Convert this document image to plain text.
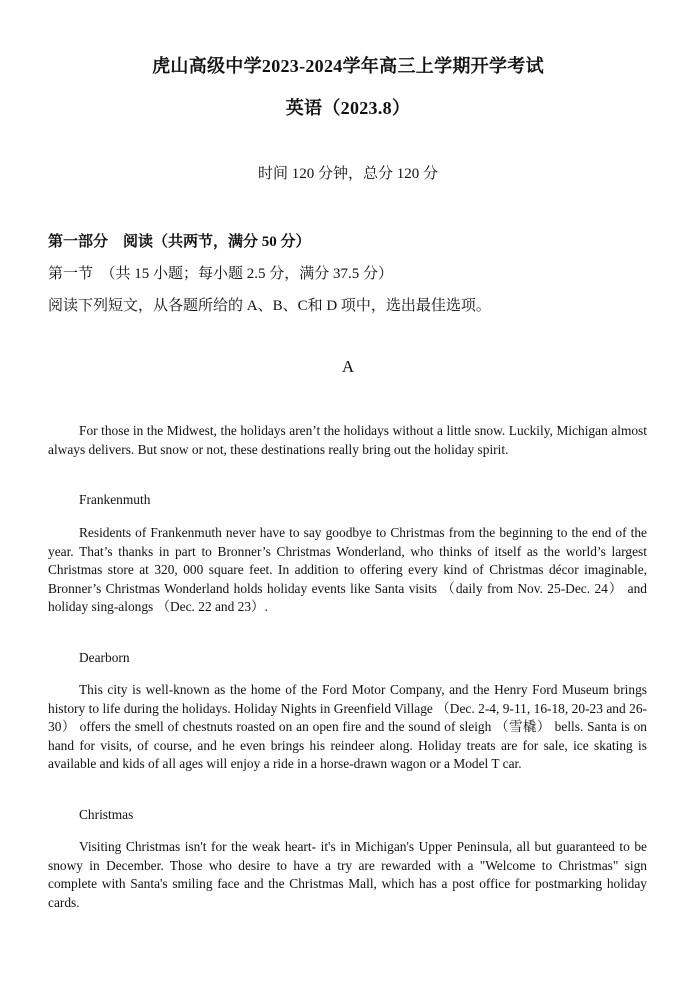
虎山高级中学2023-2024学年高三上学期开学考试
英语（2023.8）
时间 120 分钟，总分 120 分
第一部分　阅读（共两节，满分 50 分）
第一节　（共 15 小题；每小题 2.5 分，满分 37.5 分）
阅读下列短文，从各题所给的 A、B、C和 D 项中，选出最佳选项。
A
For those in the Midwest, the holidays aren’t the holidays without a little snow. Luckily, Michigan almost always delivers. But snow or not, these destinations really bring out the holiday spirit.
Frankenmuth
Residents of Frankenmuth never have to say goodbye to Christmas from the beginning to the end of the year. That’s thanks in part to Bronner’s Christmas Wonderland, who thinks of itself as the world’s largest Christmas store at 320, 000 square feet. In addition to offering every kind of Christmas décor imaginable, Bronner’s Christmas Wonderland holds holiday events like Santa visits （daily from Nov. 25-Dec. 24） and holiday sing-alongs （Dec. 22 and 23）.
Dearborn
This city is well-known as the home of the Ford Motor Company, and the Henry Ford Museum brings history to life during the holidays. Holiday Nights in Greenfield Village （Dec. 2-4, 9-11, 16-18, 20-23 and 26-30） offers the smell of chestnuts roasted on an open fire and the sound of sleigh （雪橇） bells. Santa is on hand for visits, of course, and he even brings his reindeer along. Holiday treats are for sale, ice skating is available and kids of all ages will enjoy a ride in a horse-drawn wagon or a Model T car.
Christmas
Visiting Christmas isn't for the weak heart- it's in Michigan's Upper Peninsula, all but guaranteed to be snowy in December. Those who desire to have a try are rewarded with a "Welcome to Christmas" sign complete with Santa's smiling face and the Christmas Mall, which has a post office for postmarking holiday cards.
